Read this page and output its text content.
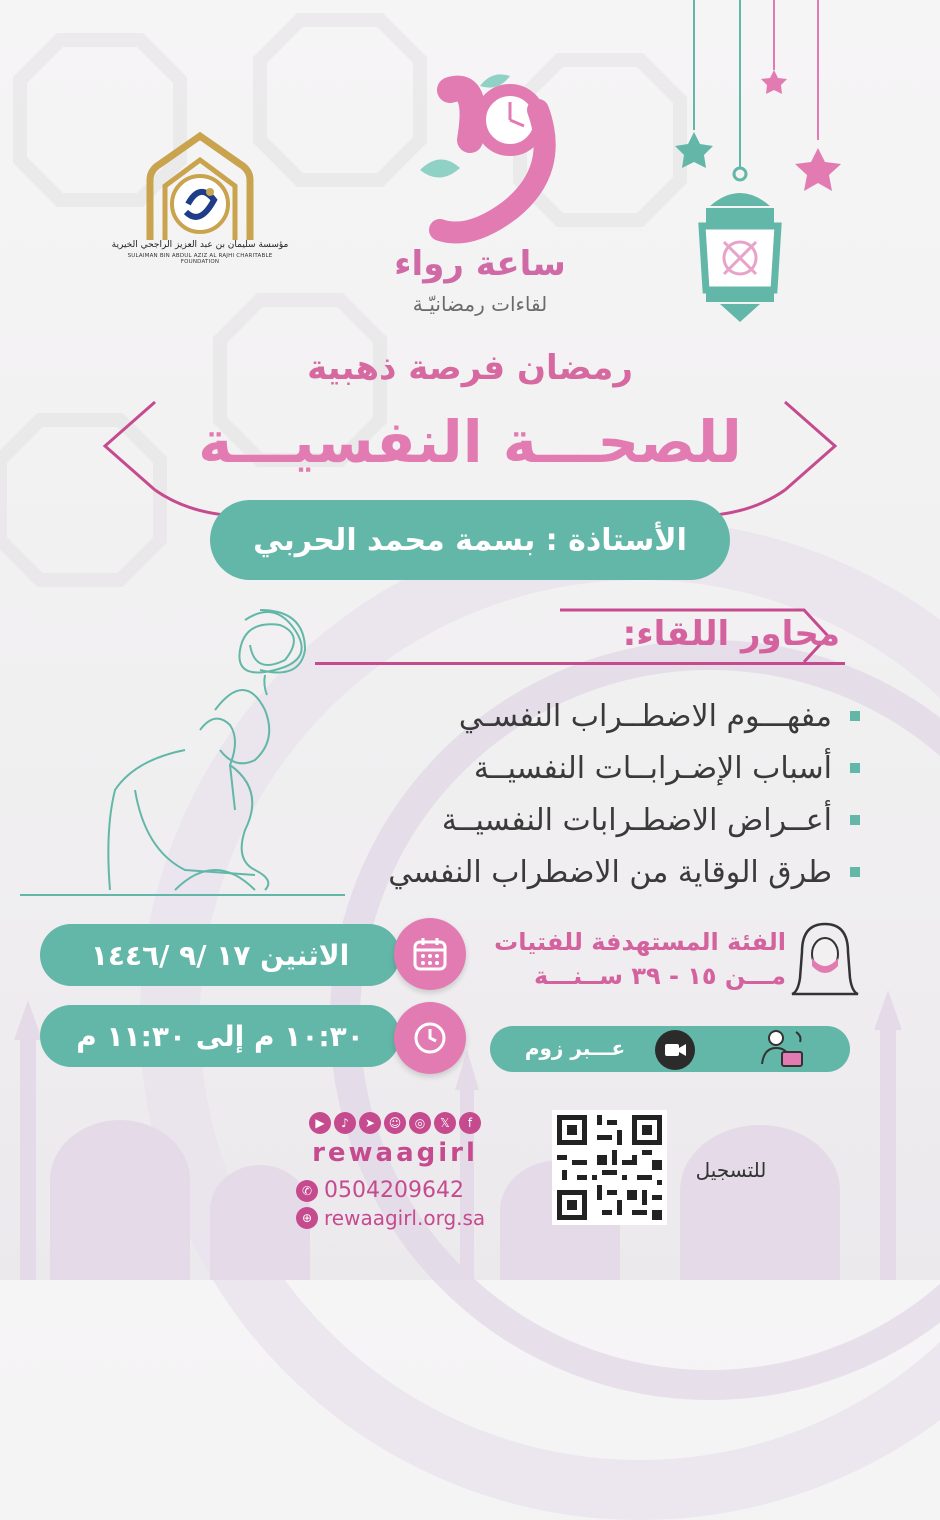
مؤسسة سليمان بن عبد العزيز الراجحي الخيرية
SULAIMAN BIN ABDUL AZIZ AL RAJHI CHARITABLE FOUNDATION	ساعة رواء
لقاءات رمضانيّـة
رمضان فرصة ذهبية
للصحـــة النفسيـــة
الأستاذة : بسمة محمد الحربي
محاور اللقاء:
مفهـــوم الاضطــراب النفسـي
أسباب الإضـرابــات النفسيــة
أعــراض الاضطـرابات النفسيــة
طرق الوقاية من الاضطراب النفسي
الاثنين ١٧ /٩ /١٤٤٦
١٠:٣٠ م إلى ١١:٣٠ م
الفئة المستهدفة للفتيات
مـــن ١٥ - ٣٩ ســنـــة
عـــبر زوم
f
𝕏
◎
☺
➤
♪
▶
rewaagirl
✆ 0504209642
⊕ rewaagirl.org.sa
للتسجيل
